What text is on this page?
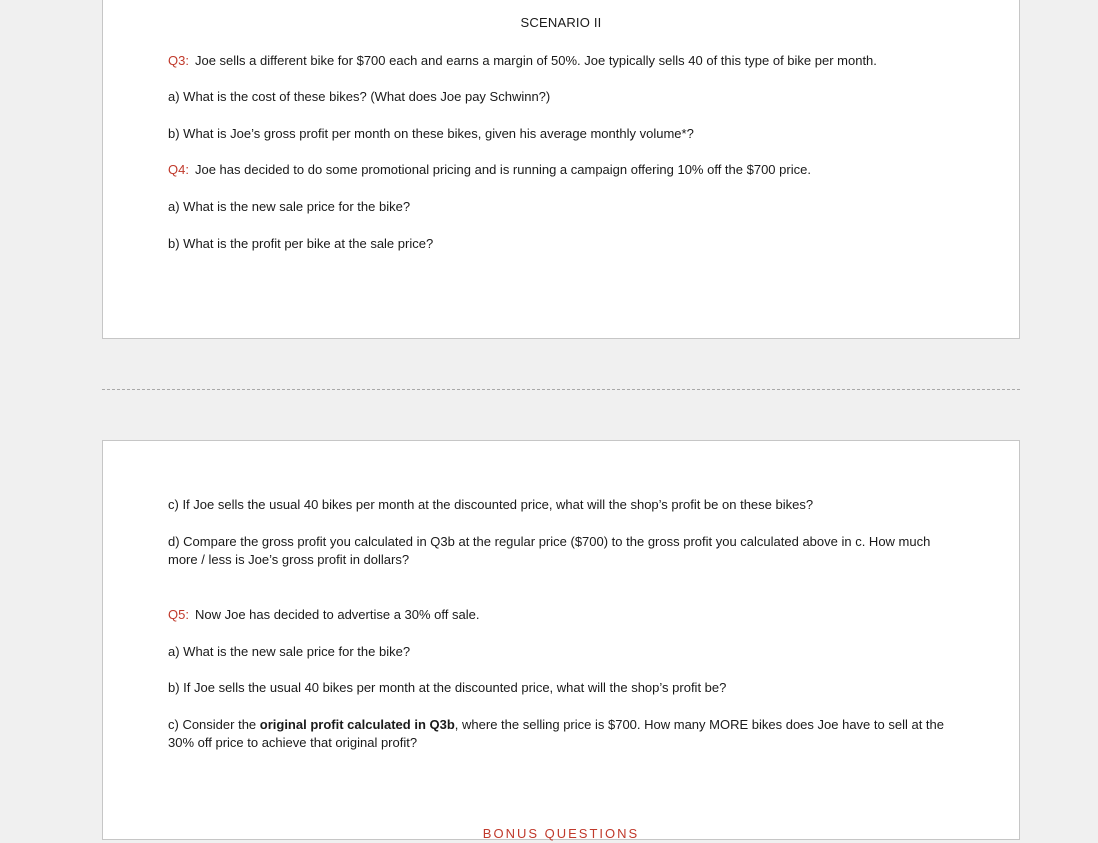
SCENARIO II
Q3: Joe sells a different bike for $700 each and earns a margin of 50%. Joe typically sells 40 of this type of bike per month.
a) What is the cost of these bikes? (What does Joe pay Schwinn?)
b) What is Joe’s gross profit per month on these bikes, given his average monthly volume*?
Q4: Joe has decided to do some promotional pricing and is running a campaign offering 10% off the $700 price.
a) What is the new sale price for the bike?
b) What is the profit per bike at the sale price?
c) If Joe sells the usual 40 bikes per month at the discounted price, what will the shop’s profit be on these bikes?
d) Compare the gross profit you calculated in Q3b at the regular price ($700) to the gross profit you calculated above in c. How much more / less is Joe’s gross profit in dollars?
Q5: Now Joe has decided to advertise a 30% off sale.
a) What is the new sale price for the bike?
b) If Joe sells the usual 40 bikes per month at the discounted price, what will the shop’s profit be?
c) Consider the original profit calculated in Q3b, where the selling price is $700. How many MORE bikes does Joe have to sell at the 30% off price to achieve that original profit?
BONUS QUESTIONS
